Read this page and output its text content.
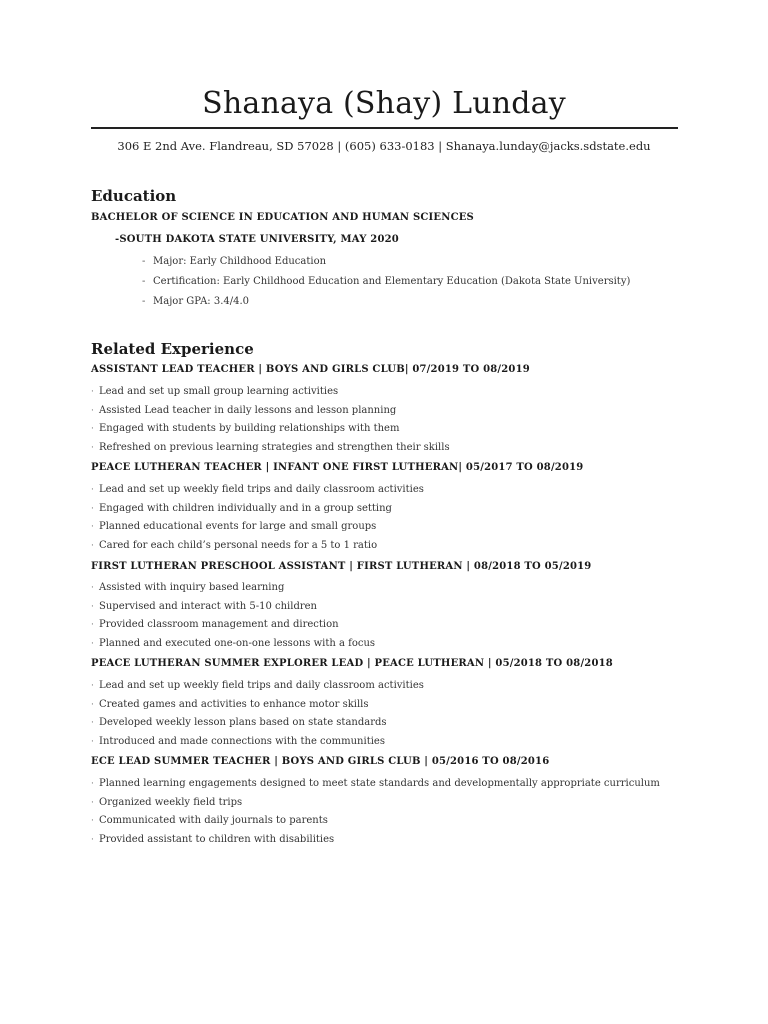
Shanaya (Shay) Lunday
306 E 2nd Ave. Flandreau, SD 57028 | (605) 633-0183 | Shanaya.lunday@jacks.sdstate.edu
Education
BACHELOR OF SCIENCE IN EDUCATION AND HUMAN SCIENCES
-SOUTH DAKOTA STATE UNIVERSITY, MAY 2020
- Major: Early Childhood Education
- Certification: Early Childhood Education and Elementary Education (Dakota State University)
- Major GPA: 3.4/4.0
Related Experience
ASSISTANT LEAD TEACHER | BOYS AND GIRLS CLUB| 07/2019 TO 08/2019
· Lead and set up small group learning activities
· Assisted Lead teacher in daily lessons and lesson planning
· Engaged with students by building relationships with them
· Refreshed on previous learning strategies and strengthen their skills
PEACE LUTHERAN TEACHER | INFANT ONE FIRST LUTHERAN| 05/2017 TO 08/2019
· Lead and set up weekly field trips and daily classroom activities
· Engaged with children individually and in a group setting
· Planned educational events for large and small groups
· Cared for each child’s personal needs for a 5 to 1 ratio
FIRST LUTHERAN PRESCHOOL ASSISTANT | FIRST LUTHERAN | 08/2018 TO 05/2019
· Assisted with inquiry based learning
· Supervised and interact with 5-10 children
· Provided classroom management and direction
· Planned and executed one-on-one lessons with a focus
PEACE LUTHERAN SUMMER EXPLORER LEAD | PEACE LUTHERAN | 05/2018 TO 08/2018
· Lead and set up weekly field trips and daily classroom activities
· Created games and activities to enhance motor skills
· Developed weekly lesson plans based on state standards
· Introduced and made connections with the communities
ECE LEAD SUMMER TEACHER | BOYS AND GIRLS CLUB | 05/2016 TO 08/2016
· Planned learning engagements designed to meet state standards and developmentally appropriate curriculum
· Organized weekly field trips
· Communicated with daily journals to parents
· Provided assistant to children with disabilities
